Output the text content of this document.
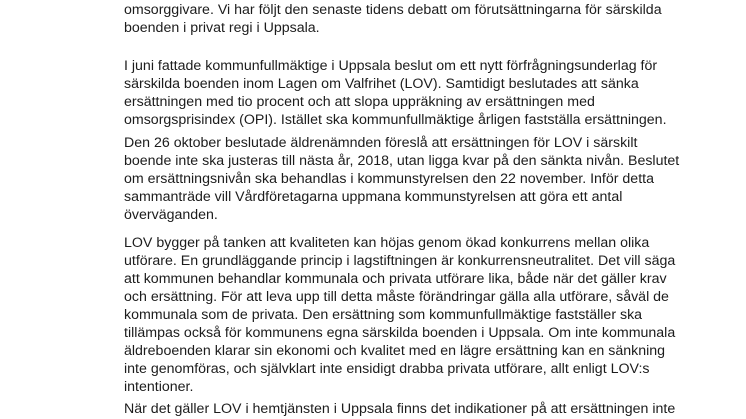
omsorggivare. Vi har följt den senaste tidens debatt om förutsättningarna för särskilda
boenden i privat regi i Uppsala.
I juni fattade kommunfullmäktige i Uppsala beslut om ett nytt förfrågningsunderlag för
särskilda boenden inom Lagen om Valfrihet (LOV). Samtidigt beslutades att sänka
ersättningen med tio procent och att slopa uppräkning av ersättningen med
omsorgsprisindex (OPI). Istället ska kommunfullmäktige årligen fastställa ersättningen.
Den 26 oktober beslutade äldrenämnden föreslå att ersättningen för LOV i särskilt
boende inte ska justeras till nästa år, 2018, utan ligga kvar på den sänkta nivån. Beslutet
om ersättningsnivån ska behandlas i kommunstyrelsen den 22 november. Inför detta
sammanträde vill Vårdföretagarna uppmana kommunstyrelsen att göra ett antal
överväganden.
LOV bygger på tanken att kvaliteten kan höjas genom ökad konkurrens mellan olika
utförare. En grundläggande princip i lagstiftningen är konkurrensneutralitet. Det vill säga
att kommunen behandlar kommunala och privata utförare lika, både när det gäller krav
och ersättning. För att leva upp till detta måste förändringar gälla alla utförare, såväl de
kommunala som de privata. Den ersättning som kommunfullmäktige fastställer ska
tillämpas också för kommunens egna särskilda boenden i Uppsala. Om inte kommunala
äldreboenden klarar sin ekonomi och kvalitet med en lägre ersättning kan en sänkning
inte genomföras, och självklart inte ensidigt drabba privata utförare, allt enligt LOV:s
intentioner.
När det gäller LOV i hemtjänsten i Uppsala finns det indikationer på att ersättningen inte
